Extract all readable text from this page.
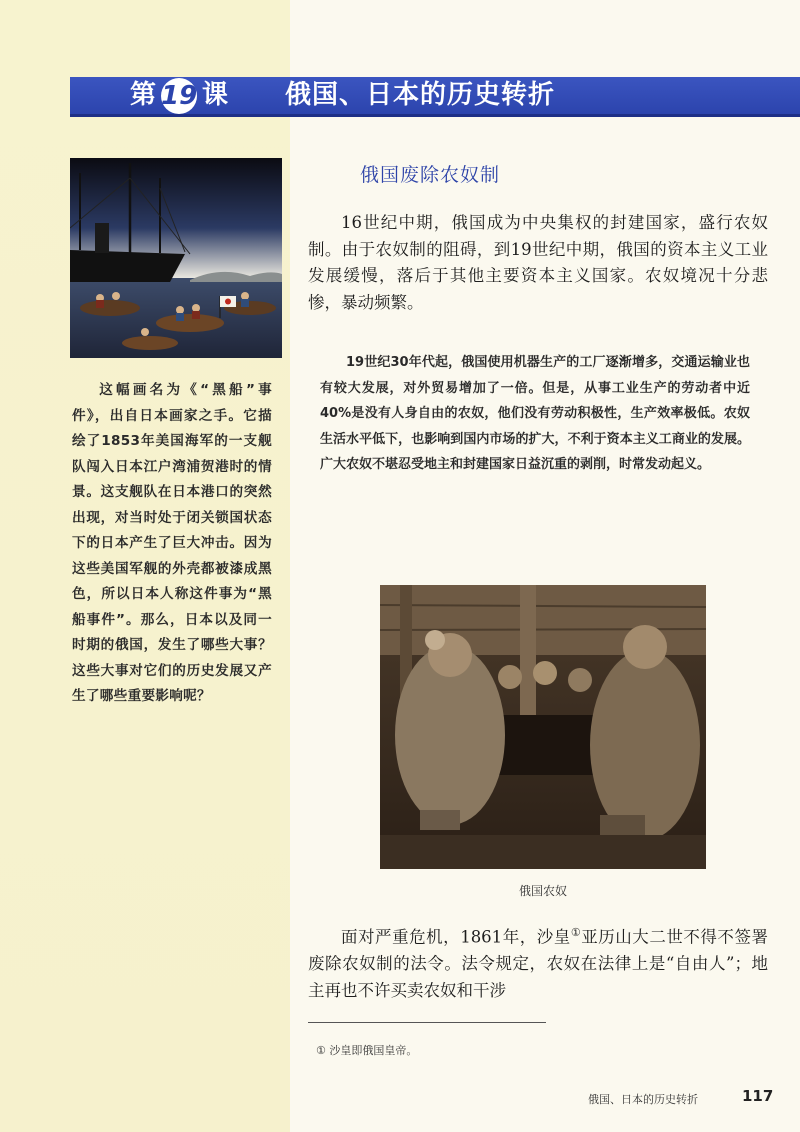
第 19 课 俄国、日本的历史转折
这幅画名为《“黑船”事件》，出自日本画家之手。它描绘了1853年美国海军的一支舰队闯入日本江户湾浦贺港时的情景。这支舰队在日本港口的突然出现，对当时处于闭关锁国状态下的日本产生了巨大冲击。因为这些美国军舰的外壳都被漆成黑色，所以日本人称这件事为“黑船事件”。那么，日本以及同一时期的俄国，发生了哪些大事？这些大事对它们的历史发展又产生了哪些重要影响呢？
俄国废除农奴制
16世纪中期，俄国成为中央集权的封建国家，盛行农奴制。由于农奴制的阻碍，到19世纪中期，俄国的资本主义工业发展缓慢，落后于其他主要资本主义国家。农奴境况十分悲惨，暴动频繁。
19世纪30年代起，俄国使用机器生产的工厂逐渐增多，交通运输业也有较大发展，对外贸易增加了一倍。但是，从事工业生产的劳动者中近40%是没有人身自由的农奴，他们没有劳动积极性，生产效率极低。农奴生活水平低下，也影响到国内市场的扩大，不利于资本主义工商业的发展。广大农奴不堪忍受地主和封建国家日益沉重的剥削，时常发动起义。
俄国农奴
面对严重危机，1861年，沙皇①亚历山大二世不得不签署废除农奴制的法令。法令规定，农奴在法律上是“自由人”；地主再也不许买卖农奴和干涉
① 沙皇即俄国皇帝。
俄国、日本的历史转折	117
